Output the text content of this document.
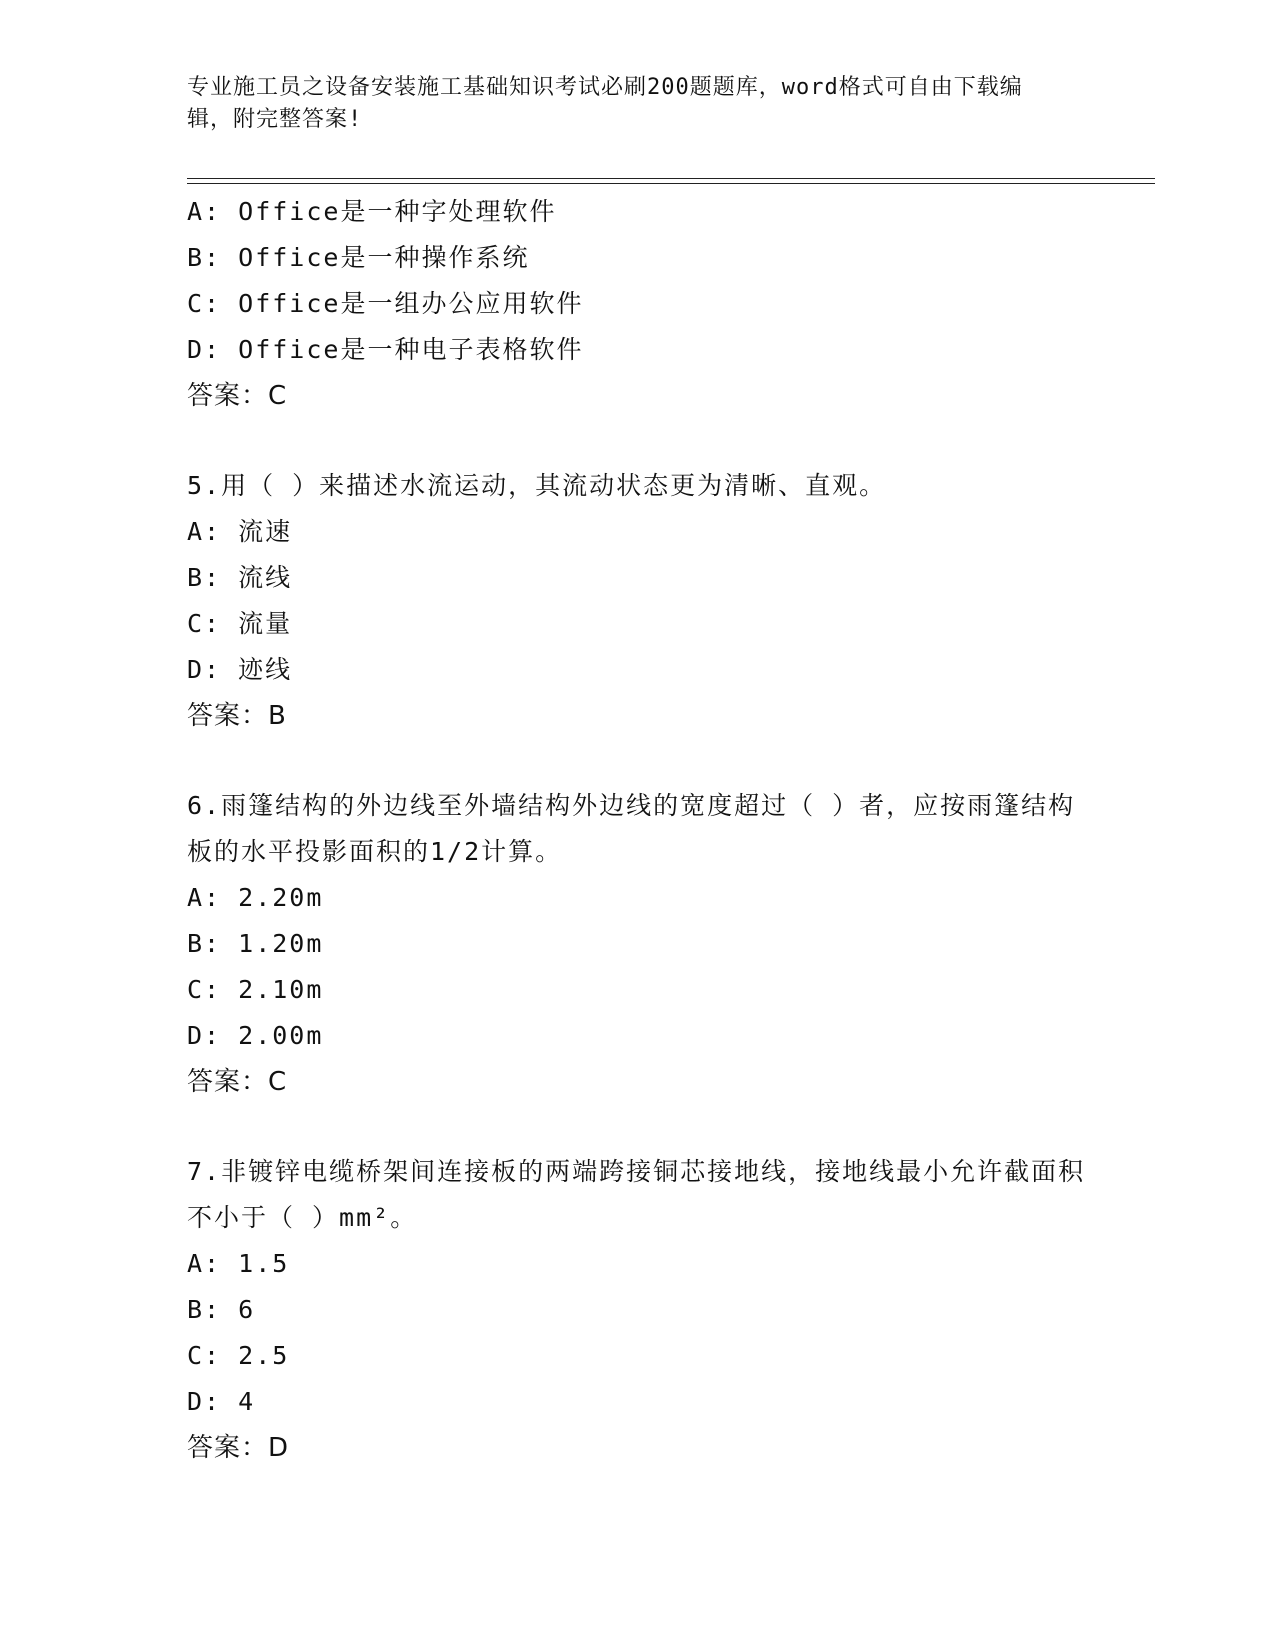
专业施工员之设备安装施工基础知识考试必刷200题题库，word格式可自由下载编辑，附完整答案!
A: Office是一种字处理软件
B: Office是一种操作系统
C: Office是一组办公应用软件
D: Office是一种电子表格软件
答案：C
5.用（ ）来描述水流运动，其流动状态更为清晰、直观。
A: 流速
B: 流线
C: 流量
D: 迹线
答案：B
6.雨篷结构的外边线至外墙结构外边线的宽度超过（ ）者，应按雨篷结构板的水平投影面积的1/2计算。
A: 2.20m
B: 1.20m
C: 2.10m
D: 2.00m
答案：C
7.非镀锌电缆桥架间连接板的两端跨接铜芯接地线，接地线最小允许截面积不小于（ ）mm²。
A: 1.5
B: 6
C: 2.5
D: 4
答案：D
